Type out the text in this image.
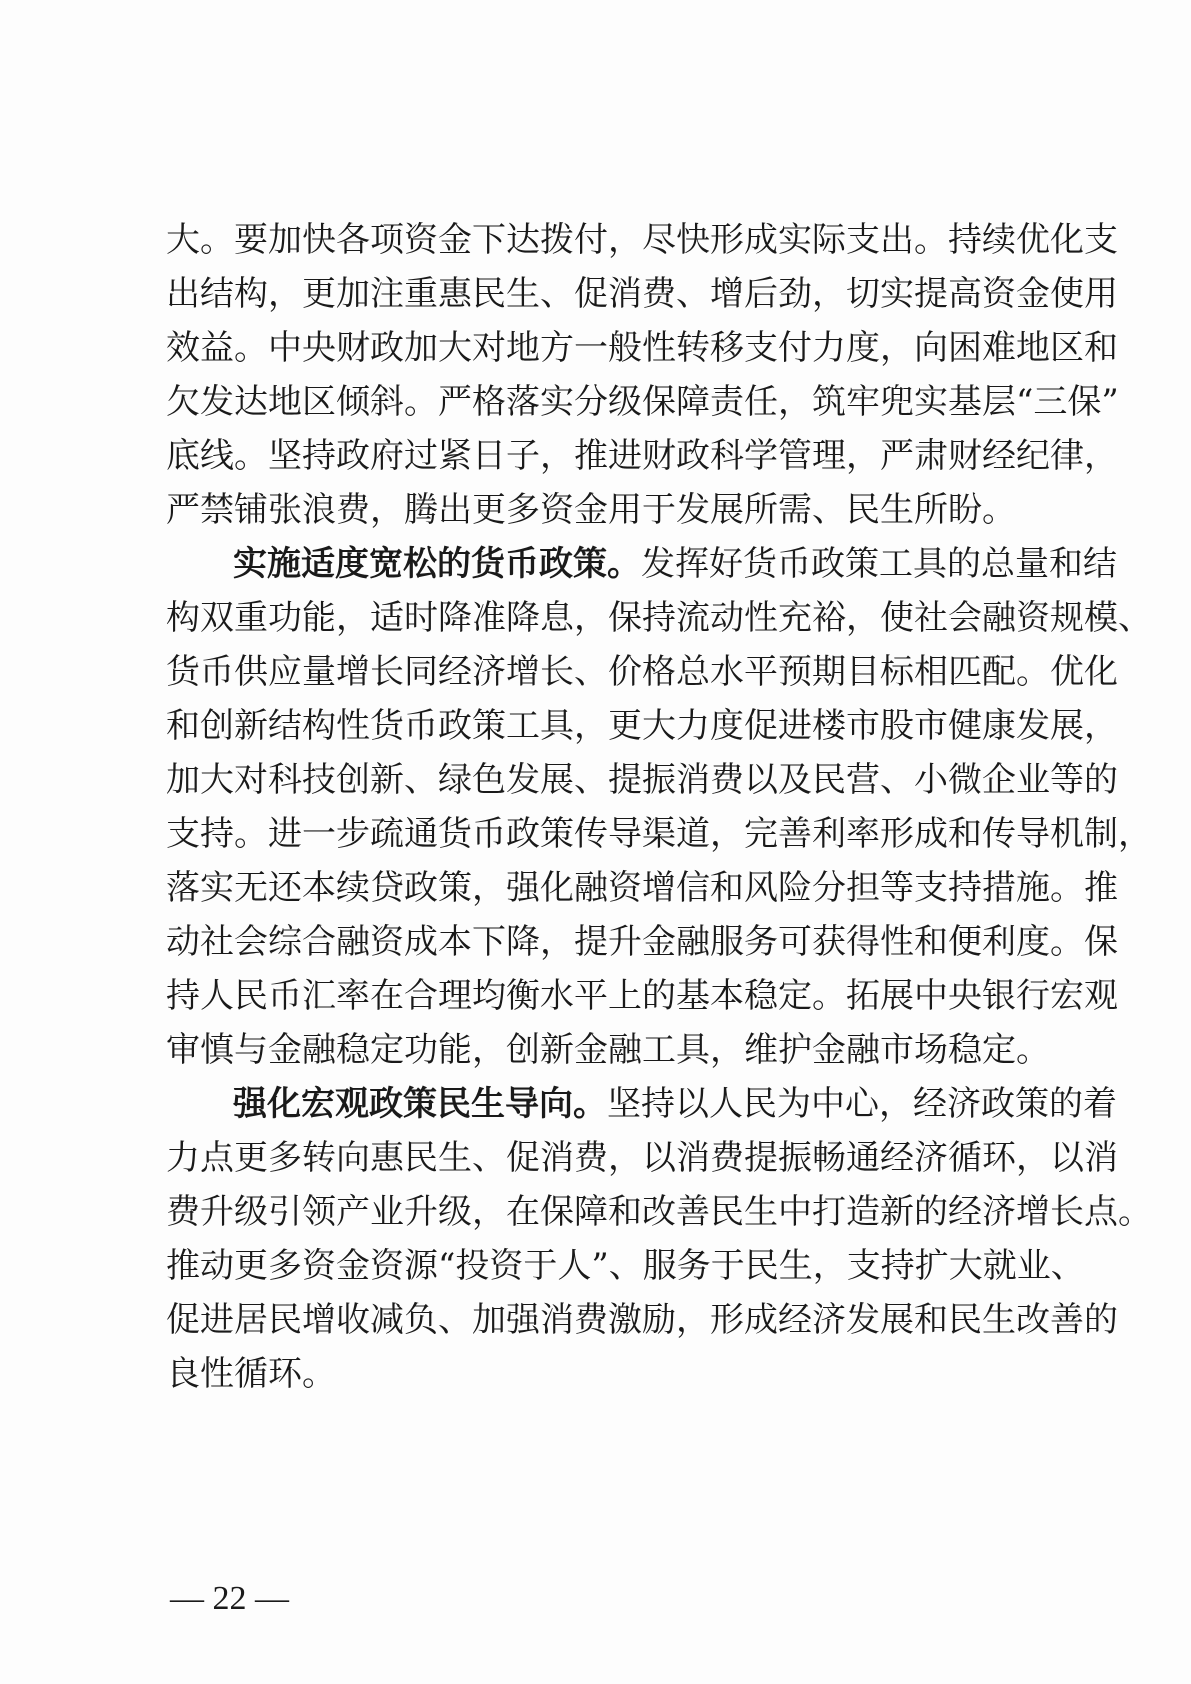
大。要加快各项资金下达拨付，尽快形成实际支出。持续优化支
出结构，更加注重惠民生、促消费、增后劲，切实提高资金使用
效益。中央财政加大对地方一般性转移支付力度，向困难地区和
欠发达地区倾斜。严格落实分级保障责任，筑牢兜实基层“三保”
底线。坚持政府过紧日子，推进财政科学管理，严肃财经纪律，
严禁铺张浪费，腾出更多资金用于发展所需、民生所盼。
实施适度宽松的货币政策。发挥好货币政策工具的总量和结
构双重功能，适时降准降息，保持流动性充裕，使社会融资规模、
货币供应量增长同经济增长、价格总水平预期目标相匹配。优化
和创新结构性货币政策工具，更大力度促进楼市股市健康发展，
加大对科技创新、绿色发展、提振消费以及民营、小微企业等的
支持。进一步疏通货币政策传导渠道，完善利率形成和传导机制，
落实无还本续贷政策，强化融资增信和风险分担等支持措施。推
动社会综合融资成本下降，提升金融服务可获得性和便利度。保
持人民币汇率在合理均衡水平上的基本稳定。拓展中央银行宏观
审慎与金融稳定功能，创新金融工具，维护金融市场稳定。
强化宏观政策民生导向。坚持以人民为中心，经济政策的着
力点更多转向惠民生、促消费，以消费提振畅通经济循环，以消
费升级引领产业升级，在保障和改善民生中打造新的经济增长点。
推动更多资金资源“投资于人”、服务于民生，支持扩大就业、
促进居民增收减负、加强消费激励，形成经济发展和民生改善的
良性循环。
— 22 —
